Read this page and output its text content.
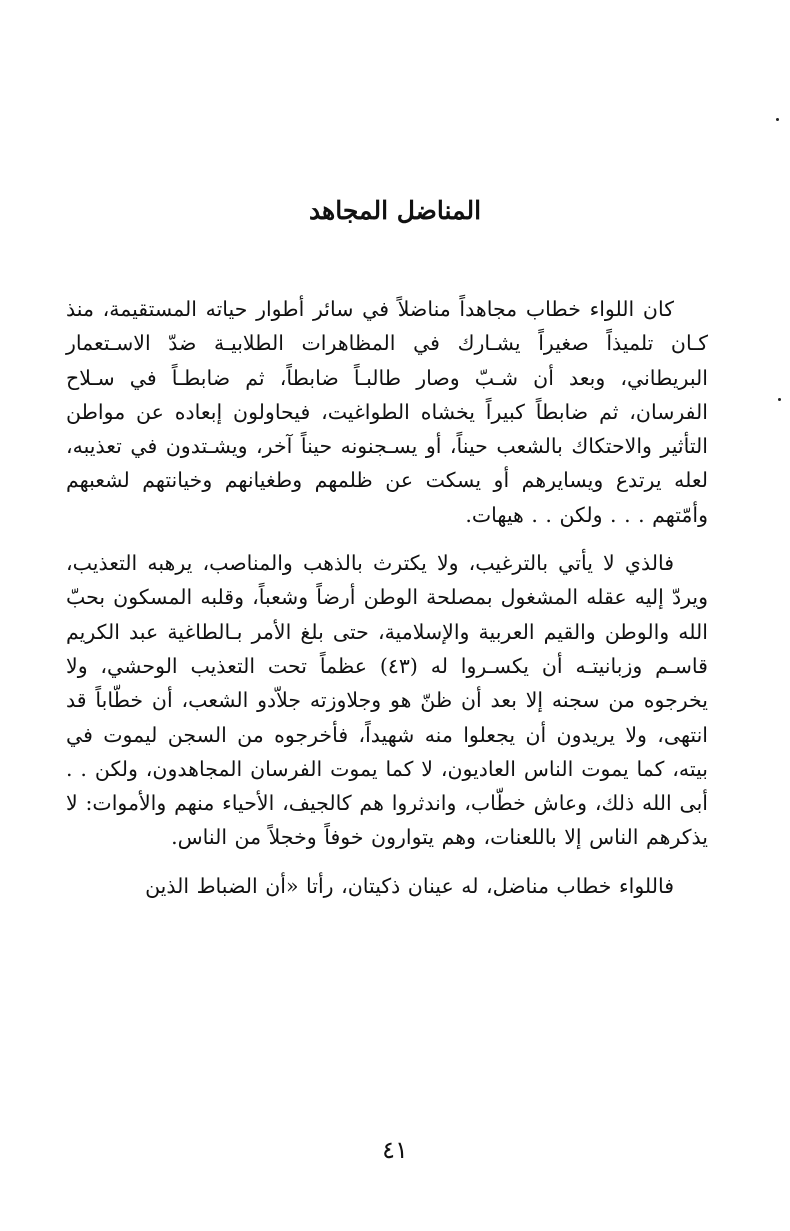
المناضل المجاهد

كان اللواء خطاب مجاهداً مناضلاً في سائر أطوار حياته المستقيمة، منذ كـان تلميذاً صغيراً يشـارك في المظاهرات الطلابيـة ضدّ الاسـتعمار البريطاني، وبعد أن شـبّ وصار طالبـاً ضابطاً، ثم ضابطـاً في سـلاح الفرسان، ثم ضابطاً كبيراً يخشاه الطواغيت، فيحاولون إبعاده عن مواطن التأثير والاحتكاك بالشعب حيناً، أو يسـجنونه حيناً آخر، ويشـتدون في تعذيبه، لعله يرتدع ويسايرهم أو يسكت عن ظلمهم وطغيانهم وخيانتهم لشعبهم وأمّتهم . . . ولكن . . هيهات.

فالذي لا يأتي بالترغيب، ولا يكترث بالذهب والمناصب، يرهبه التعذيب، ويردّ إليه عقله المشغول بمصلحة الوطن أرضاً وشعباً، وقلبه المسكون بحبّ الله والوطن والقيم العربية والإسلامية، حتى بلغ الأمر بـالطاغية عبد الكريم قاسـم وزبانيتـه أن يكسـروا له (٤٣) عظماً تحت التعذيب الوحشي، ولا يخرجوه من سجنه إلا بعد أن ظنّ هو وجلاوزته جلاّدو الشعب، أن خطّاباً قد انتهى، ولا يريدون أن يجعلوا منه شهيداً، فأخرجوه من السجن ليموت في بيته، كما يموت الناس العاديون، لا كما يموت الفرسان المجاهدون، ولكن . . أبى الله ذلك، وعاش خطّاب، واندثروا هم كالجيف، الأحياء منهم والأموات: لا يذكرهم الناس إلا باللعنات، وهم يتوارون خوفاً وخجلاً من الناس.

فاللواء خطاب مناضل، له عينان ذكيتان، رأتا «أن الضباط الذين

٤١
